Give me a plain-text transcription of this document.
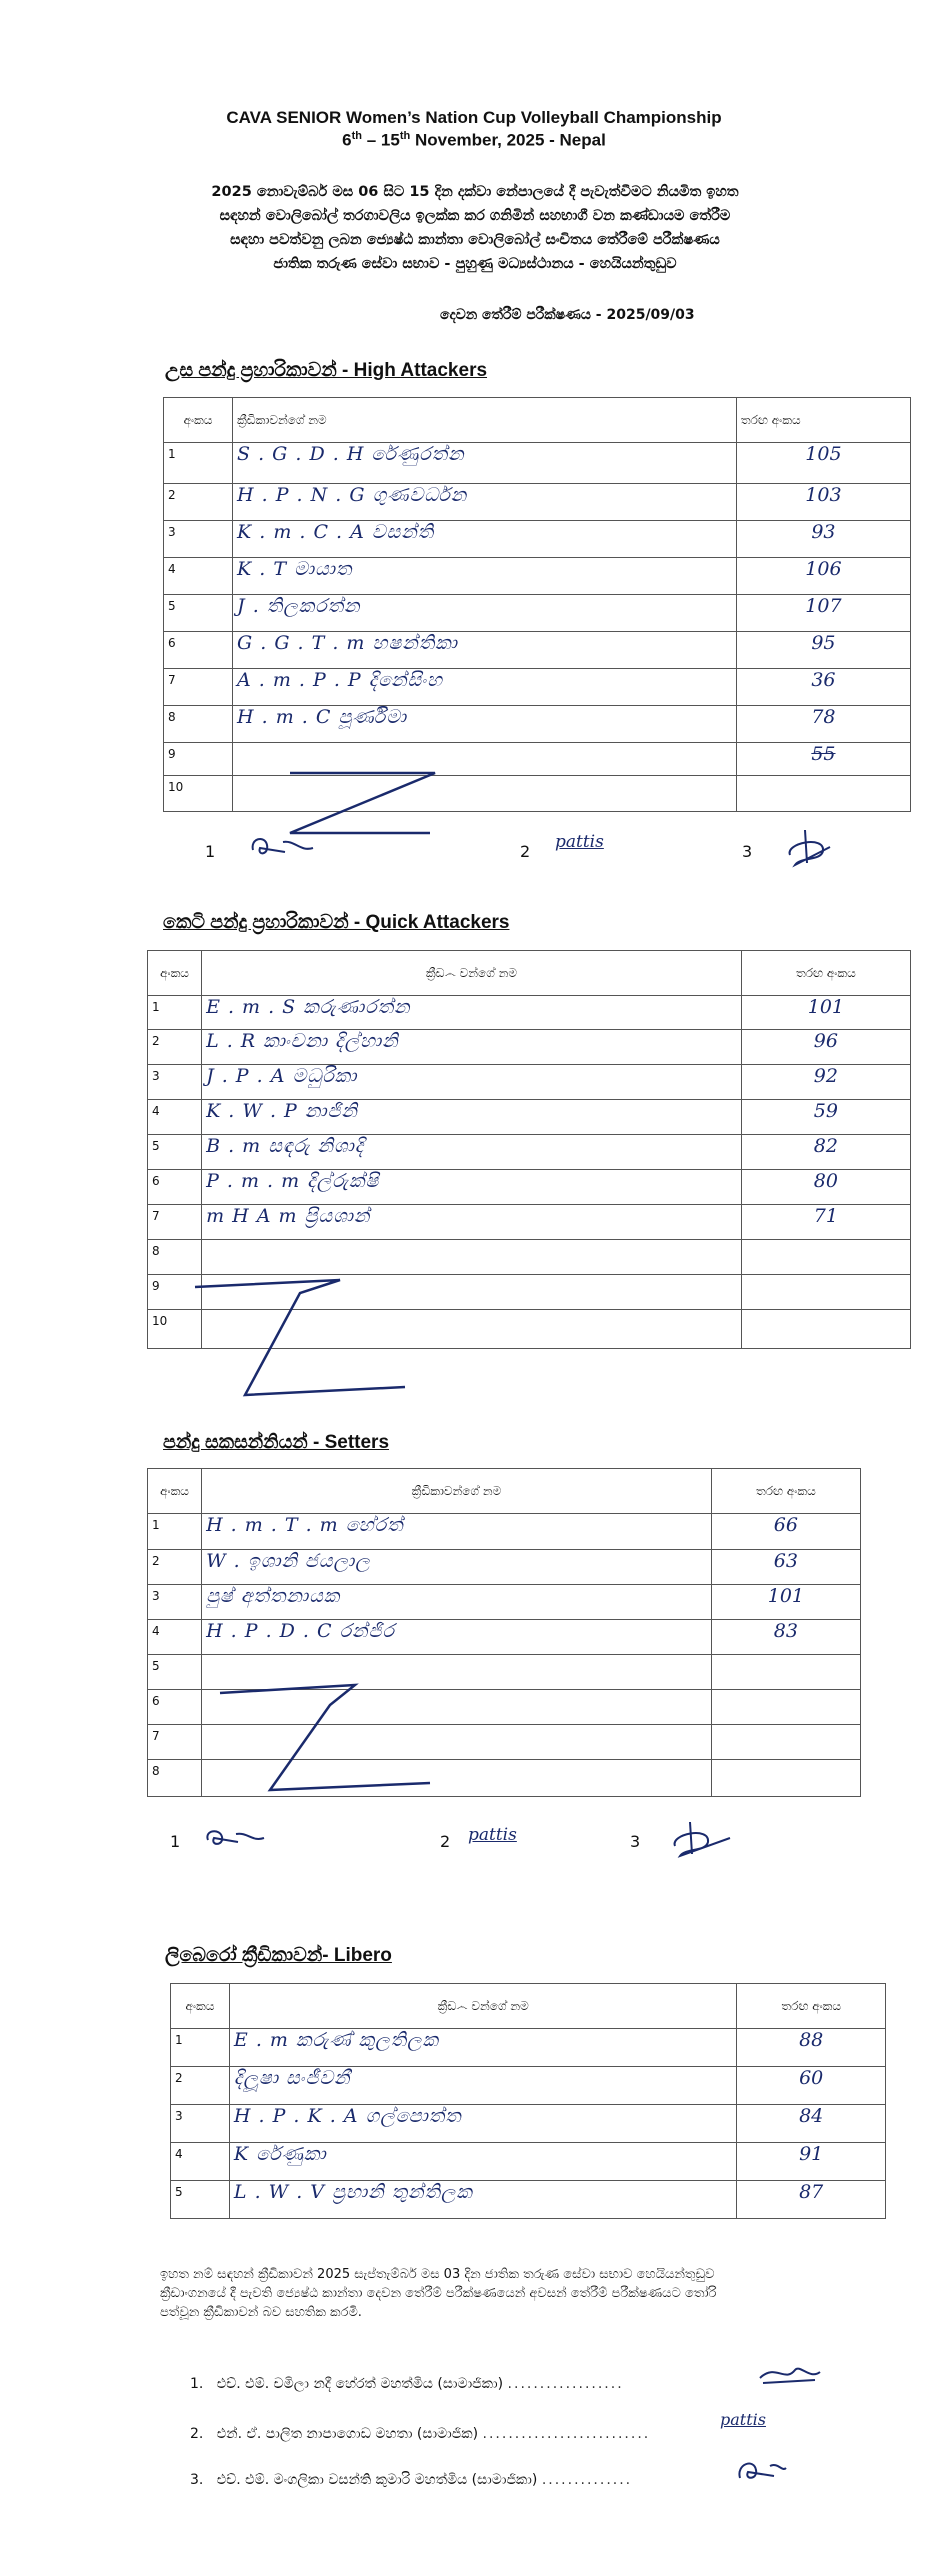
CAVA SENIOR Women’s Nation Cup Volleyball Championship
6th – 15th November, 2025 - Nepal
2025 නොවැම්බර් මස 06 සිට 15 දින දක්වා නේපාලයේ දී පැවැත්වීමට නියමිත ඉහත
සඳහන් වොලිබෝල් තරගාවලිය ඉලක්ක කර ගනිමින් සහභාගී වන කණ්ඩායම තේරීම
සඳහා පවත්වනු ලබන ජ්‍යෙෂ්ඨ කාන්තා වොලිබෝල් සංචිතය තේරීමේ පරීක්ෂණය
ජාතික තරුණ සේවා සභාව - පුහුණු මධ්‍යස්ථානය - හෙයියන්තුඩුව
දෙවන තේරීම් පරීක්ෂණය - 2025/09/03
උස පන්දු ප්‍රහාරිකාවන් - High Attackers
අංකය	ක්‍රීඩිකාවන්ගේ නම	තරඟ අංකය
1	S . G . D . H රේණුරත්න	105
2	H . P . N . G ගුණවර්ධන	103
3	K . m . C . A වසන්ති	93
4	K . T මායාත	106
5	J . තිලකරත්න	107
6	G . G . T . m හෂන්තිකා	95
7	A . m . P . P දිනේසිංහ	36
8	H . m . C පූර්ණිමා	78
9		55
10		
1	2 pattis	3
කෙටි පන්දු ප්‍රහාරිකාවන් - Quick Attackers
අංකය	ක්‍රීඩ෴ වන්ගේ නම	තරඟ අංකය
1	E . m . S කරුණාරත්න	101
2	L . R කාංචනා දිල්හානි	96
3	J . P . A මධුරිකා	92
4	K . W . P නාජිනි	59
5	B . m සඳරු නිශාදි	82
6	P . m . m දිල්රුක්ෂි	80
7	m H A m ප්‍රියශාන්	71
8		
9		
10		
පන්දු සකසන්නියන් - Setters
අංකය	ක්‍රීඩිකාවන්ගේ නම	තරඟ අංකය
1	H . m . T . m හේරත්	66
2	W . ඉශානි ජයලාල	63
3	පුෂ් අත්තනායක	101
4	H . P . D . C රන්ජිර	83
5		
6		
7		
8		
1	2 pattis	3
ලිබෙරෝ ක්‍රීඩිකාවන්- Libero
අංකය	ක්‍රීඩ෴ වන්ගේ නම	තරඟ අංකය
1	E . m කරුණ් කුලතිලක	88
2	දිලූෂා සංජීවනී	60
3	H . P . K . A ගල්පොත්ත	84
4	K රේණුකා	91
5	L . W . V ප්‍රභානි තුන්තිලක	87
ඉහත නම් සඳහන් ක්‍රීඩිකාවන් 2025 සැප්තැම්බර් මස 03 දින ජාතික තරුණ සේවා සභාව හෙයියන්තුඩුව
ක්‍රීඩාංගනයේ දී පැවති ජ්‍යෙෂ්ඨ කාන්තා දෙවන තේරීම් පරීක්ෂණයෙන් අවසන් තේරීම් පරීක්ෂණයට තෝරි
පත්වූන ක්‍රීඩිකාවන් බව සහතික කරමි.
1. එච්. එම්. චමිලා නදී හේරත් මහත්මිය (සාමාජිකා) ..................
2. එන්. ඒ. පාලිත නාපාගොඩ මහතා (සාමාජික) ..........................
pattis
3. එච්. එම්. මංගලිකා වසන්ති කුමාරි මහත්මිය (සාමාජිකා) ..............
